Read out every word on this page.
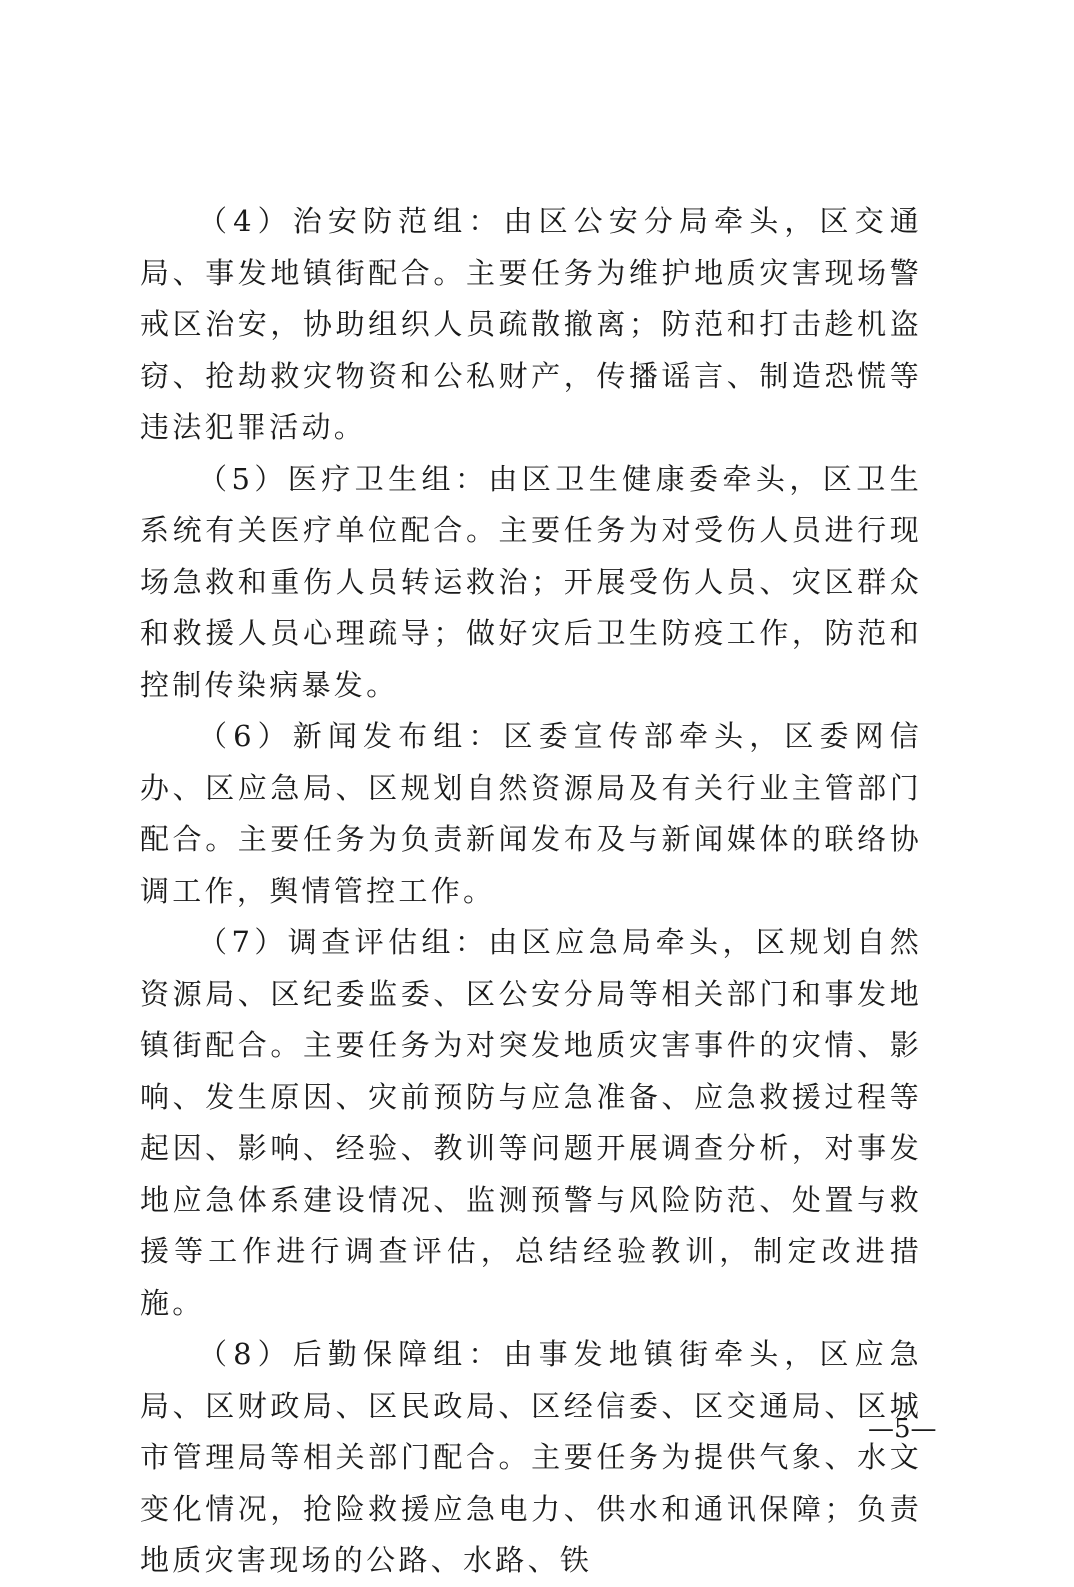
（4）治安防范组：由区公安分局牵头，区交通局、事发地镇街配合。主要任务为维护地质灾害现场警戒区治安，协助组织人员疏散撤离；防范和打击趁机盗窃、抢劫救灾物资和公私财产，传播谣言、制造恐慌等违法犯罪活动。

（5）医疗卫生组：由区卫生健康委牵头，区卫生系统有关医疗单位配合。主要任务为对受伤人员进行现场急救和重伤人员转运救治；开展受伤人员、灾区群众和救援人员心理疏导；做好灾后卫生防疫工作，防范和控制传染病暴发。

（6）新闻发布组：区委宣传部牵头，区委网信办、区应急局、区规划自然资源局及有关行业主管部门配合。主要任务为负责新闻发布及与新闻媒体的联络协调工作，舆情管控工作。

（7）调查评估组：由区应急局牵头，区规划自然资源局、区纪委监委、区公安分局等相关部门和事发地镇街配合。主要任务为对突发地质灾害事件的灾情、影响、发生原因、灾前预防与应急准备、应急救援过程等起因、影响、经验、教训等问题开展调查分析，对事发地应急体系建设情况、监测预警与风险防范、处置与救援等工作进行调查评估，总结经验教训，制定改进措施。

（8）后勤保障组：由事发地镇街牵头，区应急局、区财政局、区民政局、区经信委、区交通局、区城市管理局等相关部门配合。主要任务为提供气象、水文变化情况，抢险救援应急电力、供水和通讯保障；负责地质灾害现场的公路、水路、铁

—5—
